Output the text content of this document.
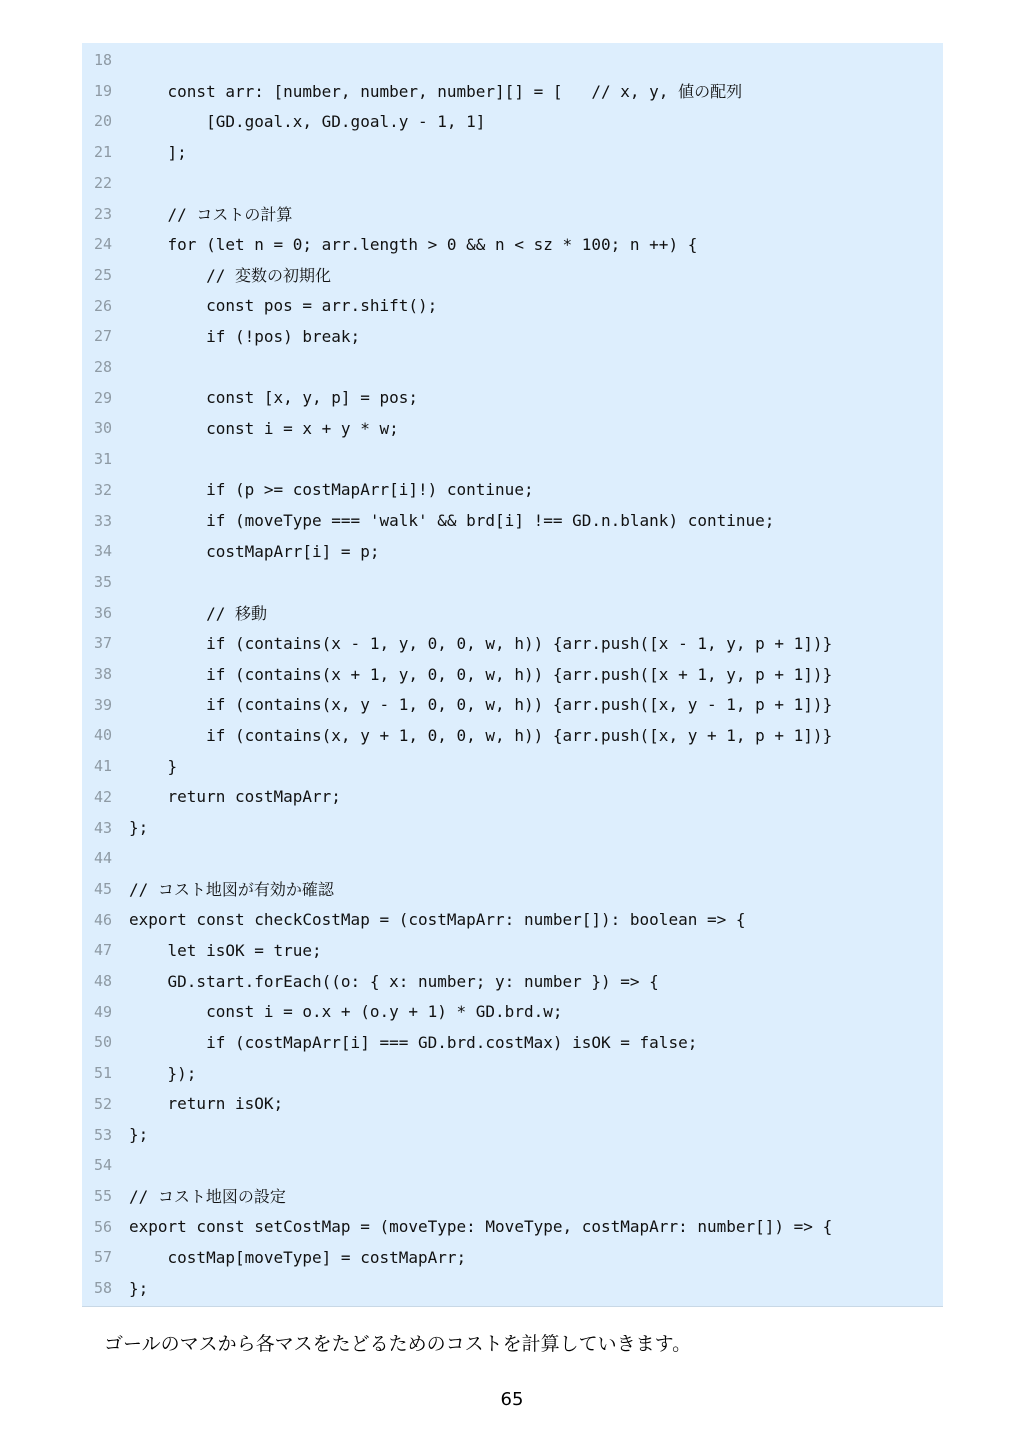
18
19	const arr: [number, number, number][] = [   // x, y, 値の配列
20	[GD.goal.x, GD.goal.y - 1, 1]
21	];
22
23	// コストの計算
24	for (let n = 0; arr.length > 0 && n < sz * 100; n ++) {
25	// 変数の初期化
26	const pos = arr.shift();
27	if (!pos) break;
28
29	const [x, y, p] = pos;
30	const i = x + y * w;
31
32	if (p >= costMapArr[i]!) continue;
33	if (moveType === 'walk' && brd[i] !== GD.n.blank) continue;
34	costMapArr[i] = p;
35
36	// 移動
37	if (contains(x - 1, y, 0, 0, w, h)) {arr.push([x - 1, y, p + 1])}
38	if (contains(x + 1, y, 0, 0, w, h)) {arr.push([x + 1, y, p + 1])}
39	if (contains(x, y - 1, 0, 0, w, h)) {arr.push([x, y - 1, p + 1])}
40	if (contains(x, y + 1, 0, 0, w, h)) {arr.push([x, y + 1, p + 1])}
41	}
42	return costMapArr;
43	};
44
45	// コスト地図が有効か確認
46	export const checkCostMap = (costMapArr: number[]): boolean => {
47	let isOK = true;
48	GD.start.forEach((o: { x: number; y: number }) => {
49	const i = o.x + (o.y + 1) * GD.brd.w;
50	if (costMapArr[i] === GD.brd.costMax) isOK = false;
51	});
52	return isOK;
53	};
54
55	// コスト地図の設定
56	export const setCostMap = (moveType: MoveType, costMapArr: number[]) => {
57	costMap[moveType] = costMapArr;
58	};
ゴールのマスから各マスをたどるためのコストを計算していきます。
65
